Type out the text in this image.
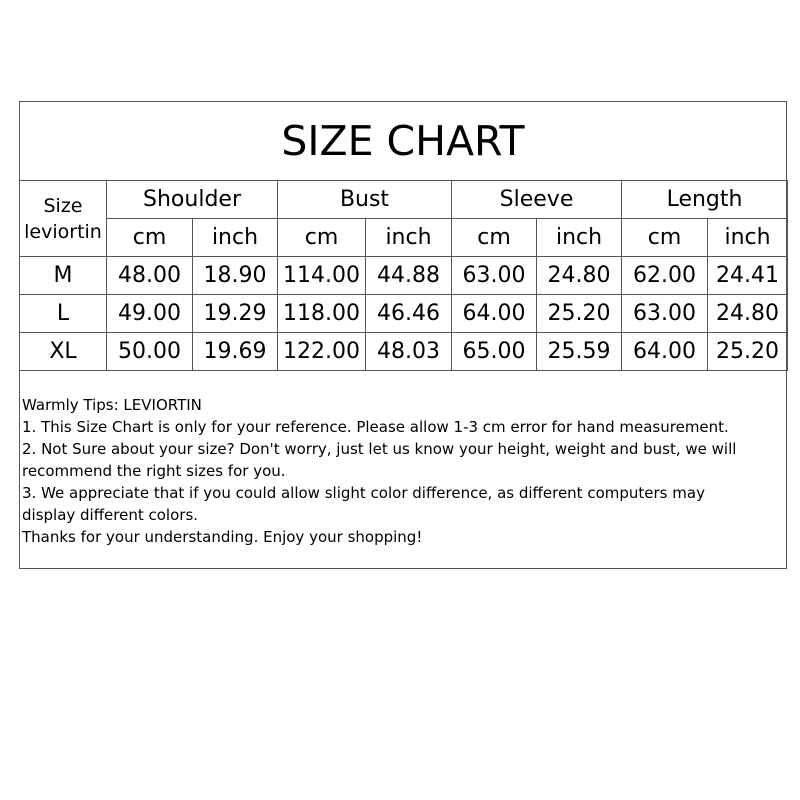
SIZE CHART
Size
leviortin	Shoulder		Bust		Sleeve		Length	
	cm	inch	cm	inch	cm	inch	cm	inch
M	48.00	18.90	114.00	44.88	63.00	24.80	62.00	24.41
L	49.00	19.29	118.00	46.46	64.00	25.20	63.00	24.80
XL	50.00	19.69	122.00	48.03	65.00	25.59	64.00	25.20
Warmly Tips: LEVIORTIN
1. This Size Chart is only for your reference. Please allow 1-3 cm error for hand measurement.
2. Not Sure about your size? Don't worry, just let us know your height, weight and bust, we will
recommend the right sizes for you.
3. We appreciate that if you could allow slight color difference, as different computers may
display different colors.
Thanks for your understanding. Enjoy your shopping!
